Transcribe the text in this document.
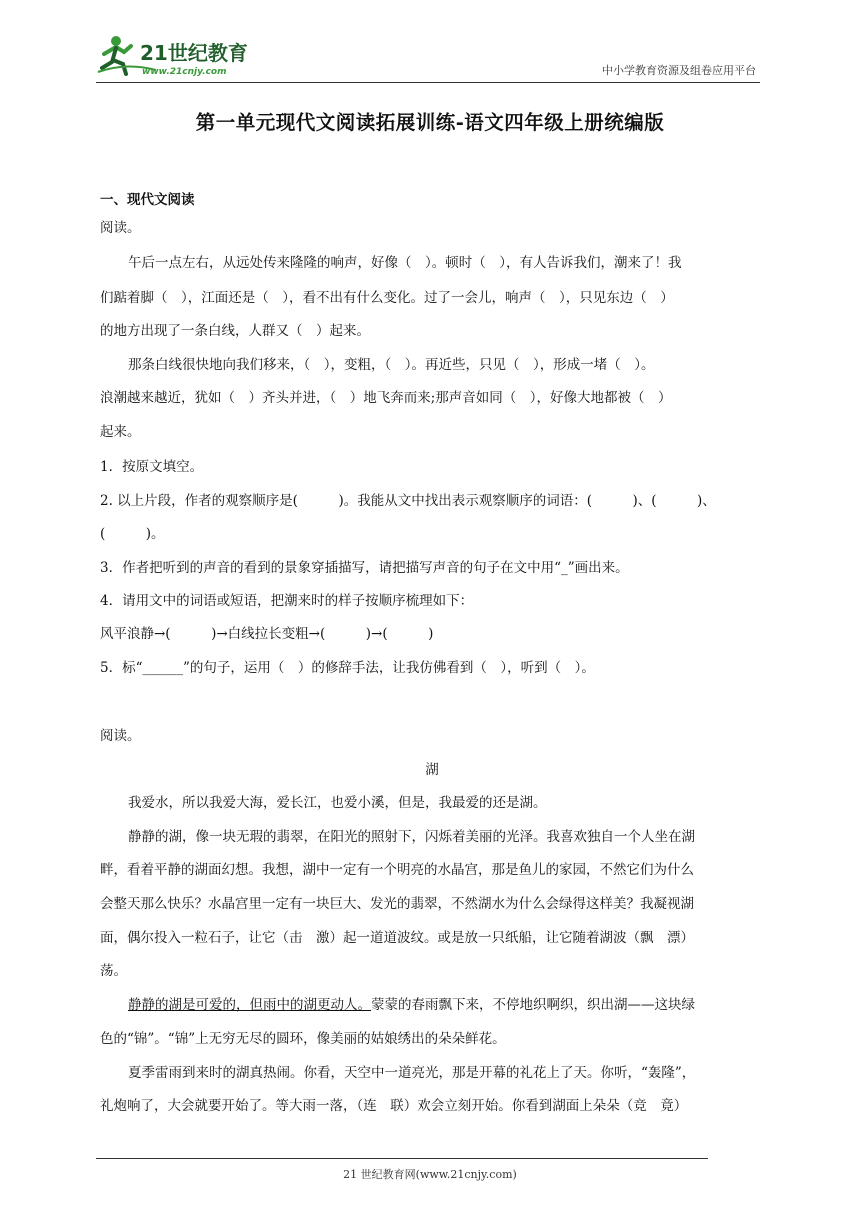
21世纪教育
www.21cnjy.com	中小学教育资源及组卷应用平台
第一单元现代文阅读拓展训练-语文四年级上册统编版
一、现代文阅读
阅读。
午后一点左右，从远处传来隆隆的响声，好像（　）。顿时（　），有人告诉我们，潮来了！我
们踮着脚（　），江面还是（　），看不出有什么变化。过了一会儿，响声（　），只见东边（　）
的地方出现了一条白线，人群又（　）起来。
那条白线很快地向我们移来，（　），变粗，（　）。再近些，只见（　），形成一堵（　）。
浪潮越来越近，犹如（　）齐头并进，（　）地飞奔而来;那声音如同（　），好像大地都被（　）
起来。
1．按原文填空。
2. 以上片段，作者的观察顺序是(　　　)。我能从文中找出表示观察顺序的词语：(　　　)、(　　　)、
(　　　)。
3．作者把听到的声音的看到的景象穿插描写，请把描写声音的句子在文中用“_”画出来。
4．请用文中的词语或短语，把潮来时的样子按顺序梳理如下：
风平浪静→(　　　)→白线拉长变粗→(　　　)→(　　　)
5．标“______”的句子，运用（　）的修辞手法，让我仿佛看到（　），听到（　）。
阅读。
湖
我爱水，所以我爱大海，爱长江，也爱小溪，但是，我最爱的还是湖。
静静的湖，像一块无瑕的翡翠，在阳光的照射下，闪烁着美丽的光泽。我喜欢独自一个人坐在湖
畔，看着平静的湖面幻想。我想，湖中一定有一个明亮的水晶宫，那是鱼儿的家园，不然它们为什么
会整天那么快乐？水晶宫里一定有一块巨大、发光的翡翠，不然湖水为什么会绿得这样美？我凝视湖
面，偶尔投入一粒石子，让它（击　激）起一道道波纹。或是放一只纸船，让它随着湖波（飘　漂）
荡。
静静的湖是可爱的，但雨中的湖更动人。蒙蒙的春雨飘下来，不停地织啊织，织出湖——这块绿
色的“锦”。“锦”上无穷无尽的圆环，像美丽的姑娘绣出的朵朵鲜花。
夏季雷雨到来时的湖真热闹。你看，天空中一道亮光，那是开幕的礼花上了天。你听，“轰隆”，
礼炮响了，大会就要开始了。等大雨一落，（连　联）欢会立刻开始。你看到湖面上朵朵（竞　竟）
21 世纪教育网(www.21cnjy.com)
